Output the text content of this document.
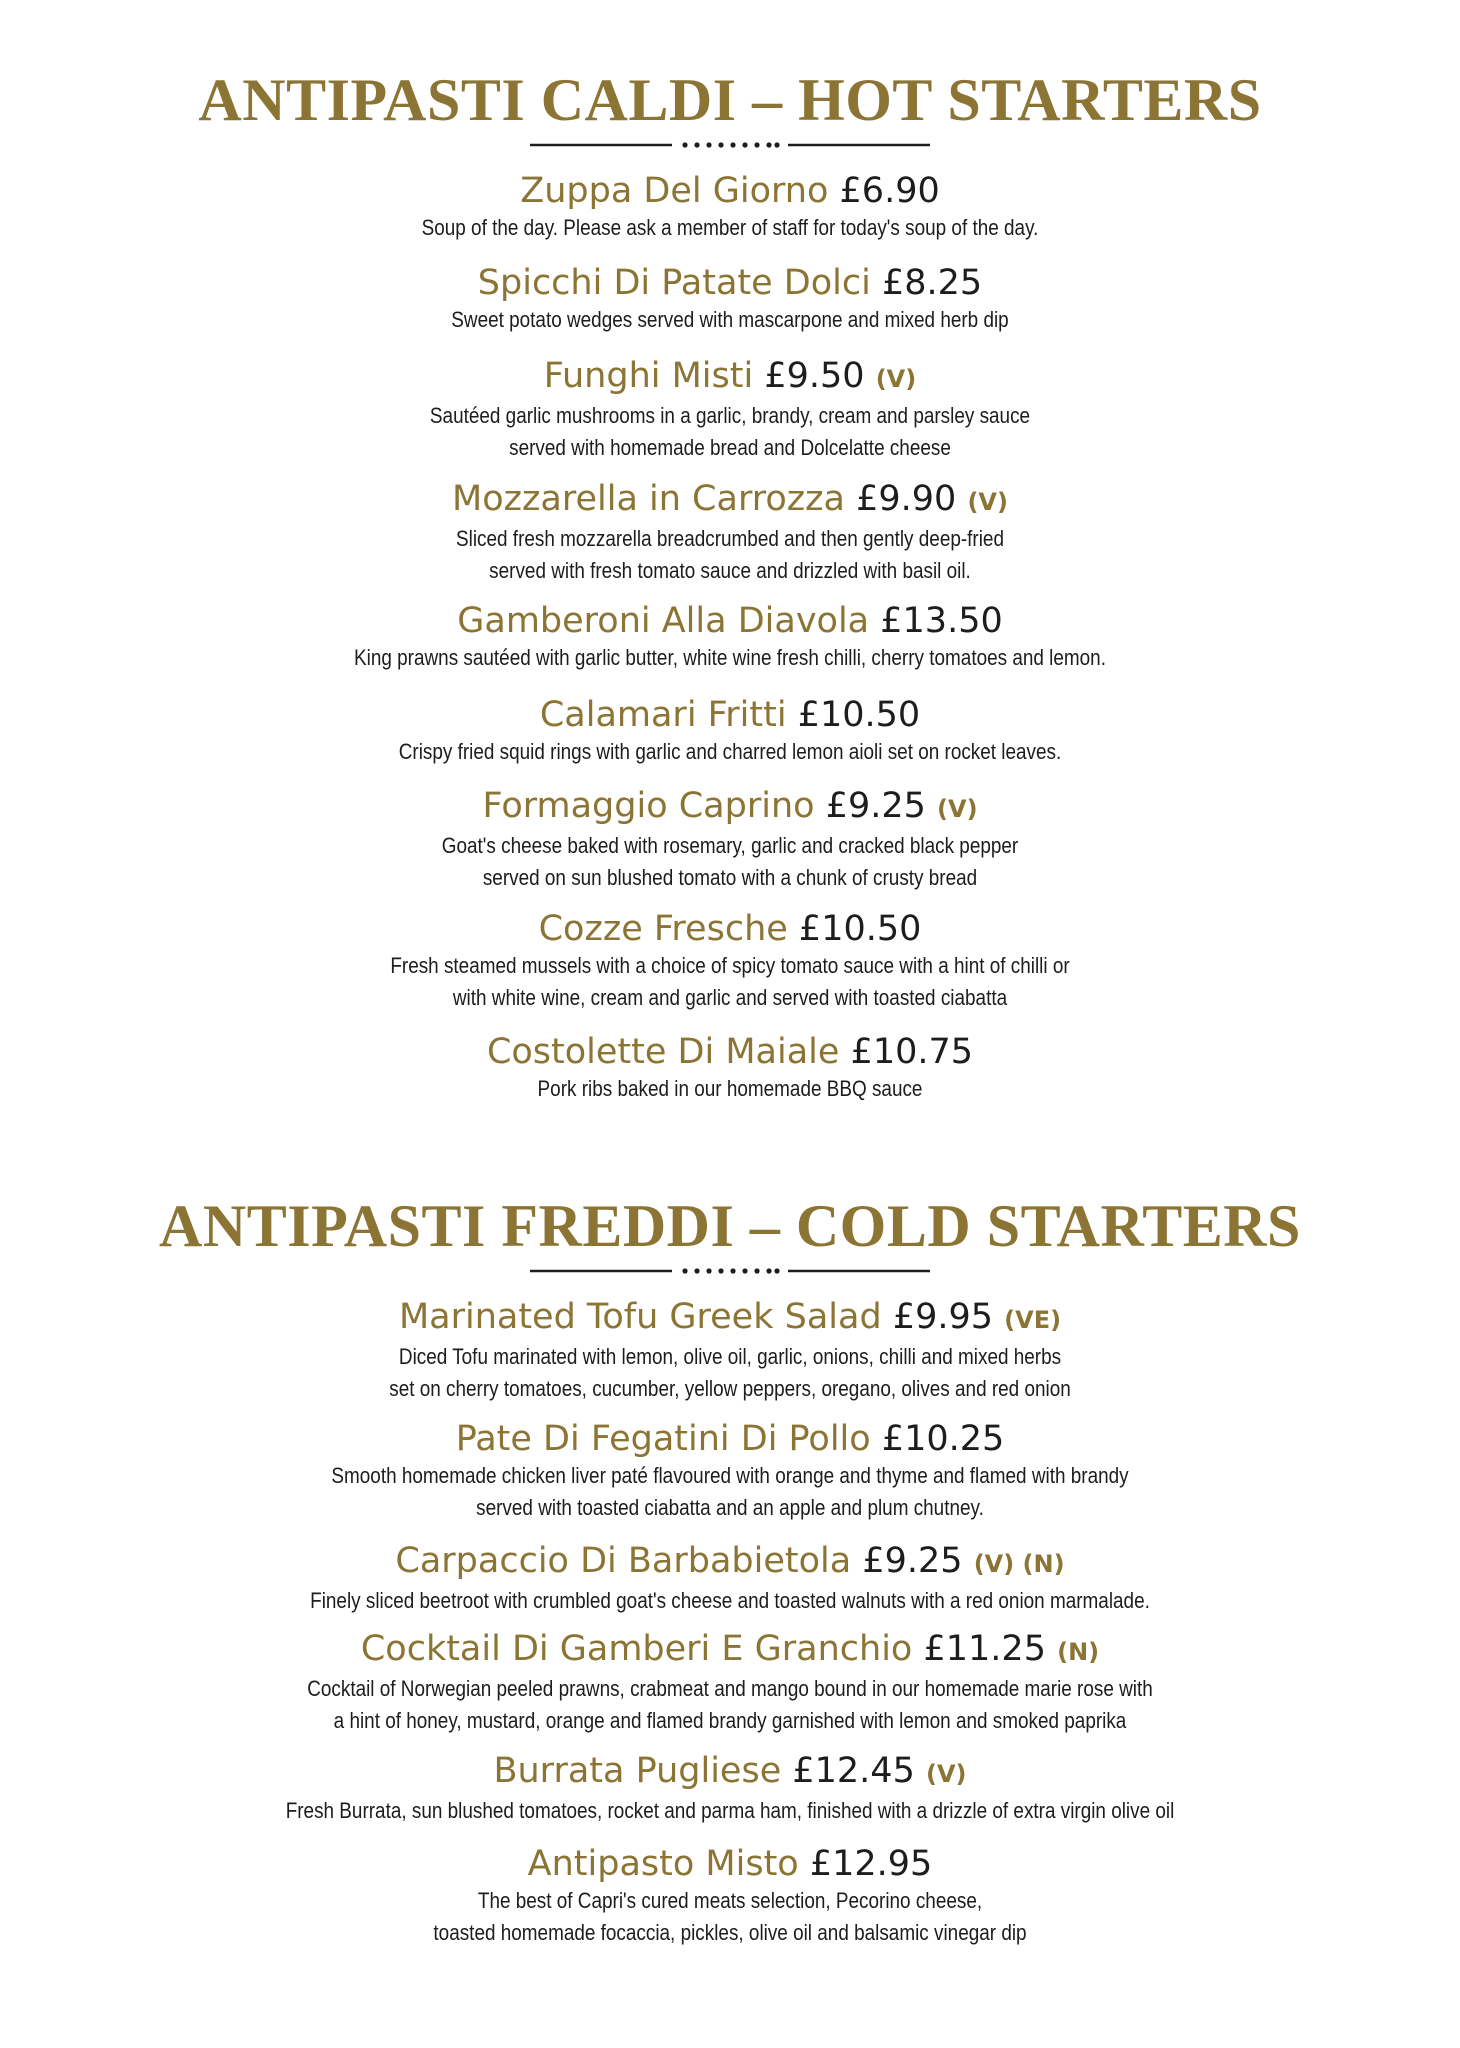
ANTIPASTI CALDI – HOT STARTERS
Zuppa Del Giorno £6.90
Soup of the day. Please ask a member of staff for today's soup of the day.
Spicchi Di Patate Dolci £8.25
Sweet potato wedges served with mascarpone and mixed herb dip
Funghi Misti £9.50 (V)
Sautéed garlic mushrooms in a garlic, brandy, cream and parsley sauce
served with homemade bread and Dolcelatte cheese
Mozzarella in Carrozza £9.90 (V)
Sliced fresh mozzarella breadcrumbed and then gently deep-fried
served with fresh tomato sauce and drizzled with basil oil.
Gamberoni Alla Diavola £13.50
King prawns sautéed with garlic butter, white wine fresh chilli, cherry tomatoes and lemon.
Calamari Fritti £10.50
Crispy fried squid rings with garlic and charred lemon aioli set on rocket leaves.
Formaggio Caprino £9.25 (V)
Goat's cheese baked with rosemary, garlic and cracked black pepper
served on sun blushed tomato with a chunk of crusty bread
Cozze Fresche £10.50
Fresh steamed mussels with a choice of spicy tomato sauce with a hint of chilli or
with white wine, cream and garlic and served with toasted ciabatta
Costolette Di Maiale £10.75
Pork ribs baked in our homemade BBQ sauce
ANTIPASTI FREDDI – COLD STARTERS
Marinated Tofu Greek Salad £9.95 (VE)
Diced Tofu marinated with lemon, olive oil, garlic, onions, chilli and mixed herbs
set on cherry tomatoes, cucumber, yellow peppers, oregano, olives and red onion
Pate Di Fegatini Di Pollo £10.25
Smooth homemade chicken liver paté flavoured with orange and thyme and flamed with brandy
served with toasted ciabatta and an apple and plum chutney.
Carpaccio Di Barbabietola £9.25 (V) (N)
Finely sliced beetroot with crumbled goat's cheese and toasted walnuts with a red onion marmalade.
Cocktail Di Gamberi E Granchio £11.25 (N)
Cocktail of Norwegian peeled prawns, crabmeat and mango bound in our homemade marie rose with
a hint of honey, mustard, orange and flamed brandy garnished with lemon and smoked paprika
Burrata Pugliese £12.45 (V)
Fresh Burrata, sun blushed tomatoes, rocket and parma ham, finished with a drizzle of extra virgin olive oil
Antipasto Misto £12.95
The best of Capri's cured meats selection, Pecorino cheese,
toasted homemade focaccia, pickles, olive oil and balsamic vinegar dip
